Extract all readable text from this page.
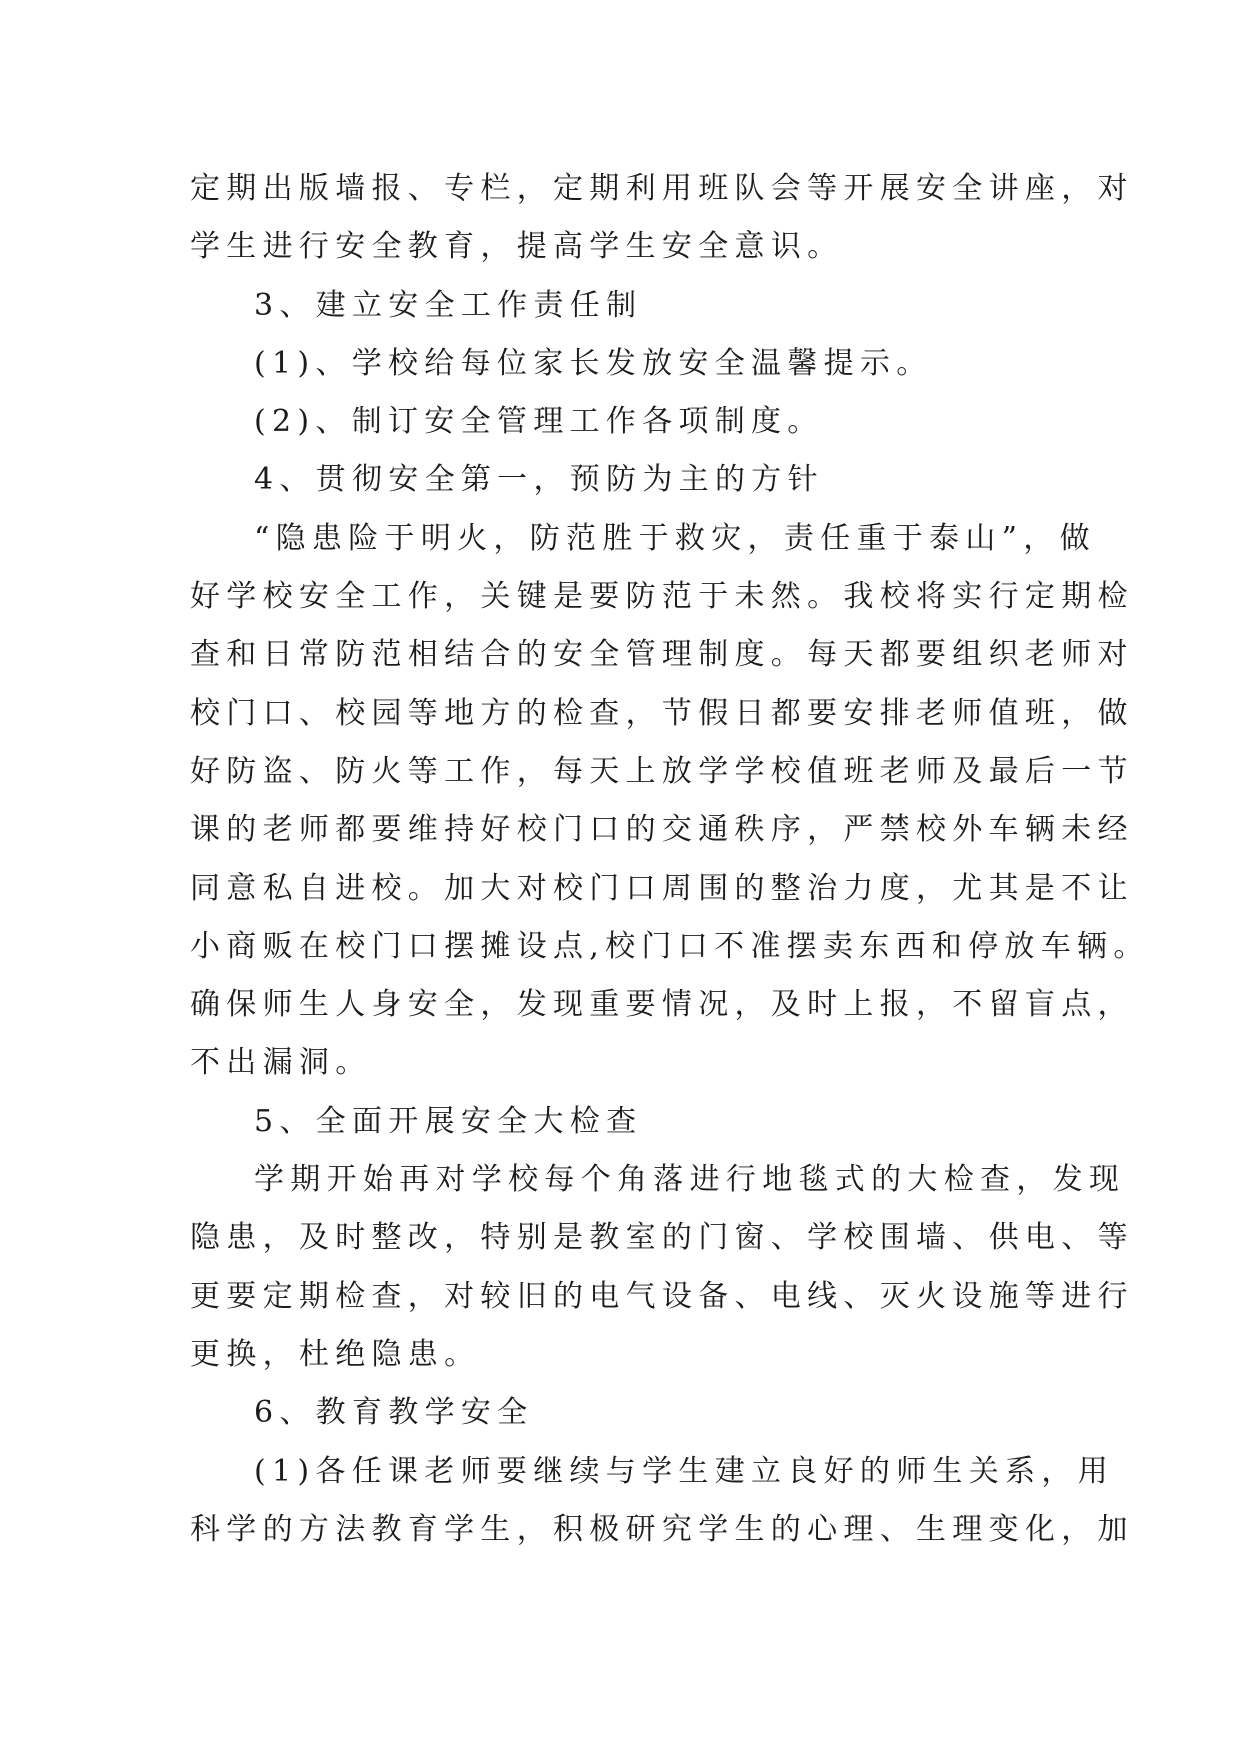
定期出版墙报、专栏，定期利用班队会等开展安全讲座，对
学生进行安全教育，提高学生安全意识。
3、建立安全工作责任制
(1)、学校给每位家长发放安全温馨提示。
(2)、制订安全管理工作各项制度。
4、贯彻安全第一，预防为主的方针
“隐患险于明火，防范胜于救灾，责任重于泰山”，做
好学校安全工作，关键是要防范于未然。我校将实行定期检
查和日常防范相结合的安全管理制度。每天都要组织老师对
校门口、校园等地方的检查，节假日都要安排老师值班，做
好防盗、防火等工作，每天上放学学校值班老师及最后一节
课的老师都要维持好校门口的交通秩序，严禁校外车辆未经
同意私自进校。加大对校门口周围的整治力度，尤其是不让
小商贩在校门口摆摊设点,校门口不准摆卖东西和停放车辆。
确保师生人身安全，发现重要情况，及时上报，不留盲点，
不出漏洞。
5、全面开展安全大检查
学期开始再对学校每个角落进行地毯式的大检查，发现
隐患，及时整改，特别是教室的门窗、学校围墙、供电、等
更要定期检查，对较旧的电气设备、电线、灭火设施等进行
更换，杜绝隐患。
6、教育教学安全
(1)各任课老师要继续与学生建立良好的师生关系，用
科学的方法教育学生，积极研究学生的心理、生理变化，加
